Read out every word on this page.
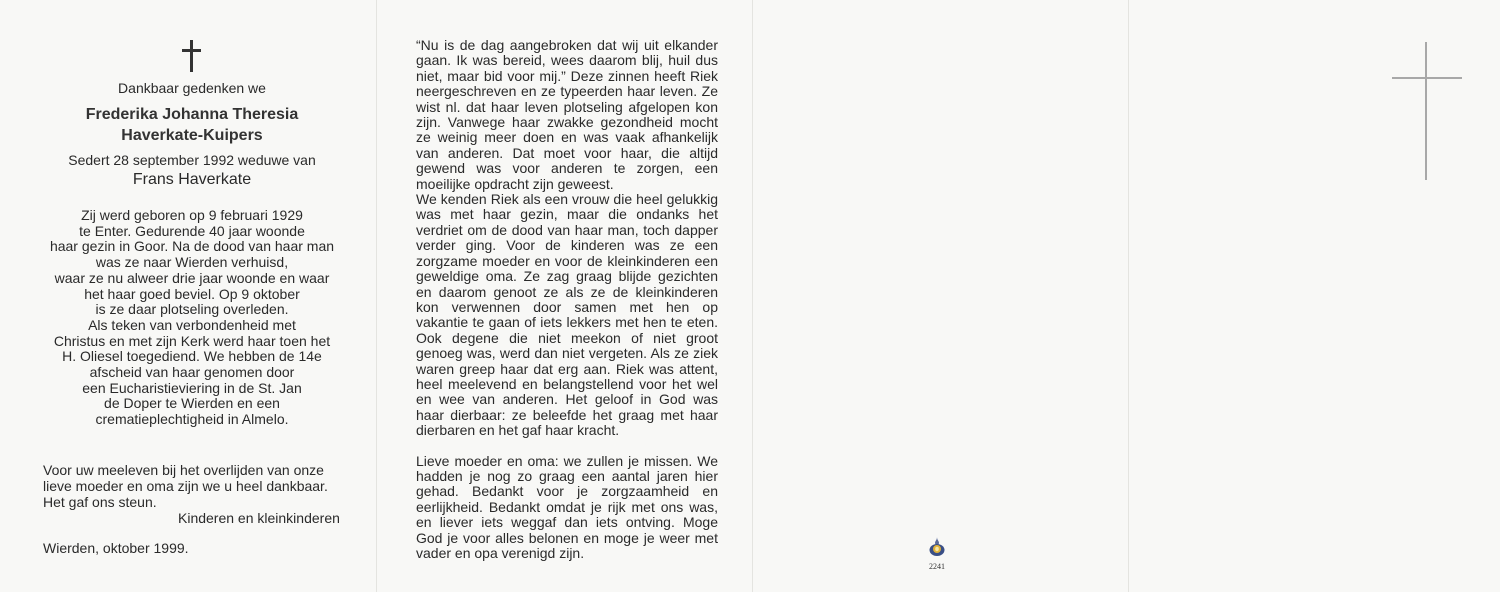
Dankbaar gedenken we
Frederika Johanna Theresia
Haverkate-Kuipers
Sedert 28 september 1992 weduwe van
Frans Haverkate
Zij werd geboren op 9 februari 1929
te Enter. Gedurende 40 jaar woonde
haar gezin in Goor. Na de dood van haar man
was ze naar Wierden verhuisd,
waar ze nu alweer drie jaar woonde en waar
het haar goed beviel. Op 9 oktober
is ze daar plotseling overleden.
Als teken van verbondenheid met
Christus en met zijn Kerk werd haar toen het
H. Oliesel toegediend. We hebben de 14e
afscheid van haar genomen door
een Eucharistieviering in de St. Jan
de Doper te Wierden en een
crematieplechtigheid in Almelo.
Voor uw meeleven bij het overlijden van onze
lieve moeder en oma zijn we u heel dankbaar.
Het gaf ons steun.
Kinderen en kleinkinderen
Wierden, oktober 1999.

“Nu is de dag aangebroken dat wij uit elkander gaan. Ik was bereid, wees daarom blij, huil dus niet, maar bid voor mij.” Deze zinnen heeft Riek neergeschreven en ze typeerden haar leven. Ze wist nl. dat haar leven plotseling afgelopen kon zijn. Vanwege haar zwakke gezondheid mocht ze weinig meer doen en was vaak afhankelijk van anderen. Dat moet voor haar, die altijd gewend was voor anderen te zorgen, een moeilijke opdracht zijn geweest.

We kenden Riek als een vrouw die heel gelukkig was met haar gezin, maar die ondanks het verdriet om de dood van haar man, toch dapper verder ging. Voor de kinderen was ze een zorgzame moeder en voor de kleinkinderen een geweldige oma. Ze zag graag blijde gezichten en daarom genoot ze als ze de kleinkinderen kon verwennen door samen met hen op vakantie te gaan of iets lekkers met hen te eten. Ook degene die niet meekon of niet groot genoeg was, werd dan niet vergeten. Als ze ziek waren greep haar dat erg aan. Riek was attent, heel meelevend en belangstellend voor het wel en wee van anderen. Het geloof in God was haar dierbaar: ze beleefde het graag met haar dierbaren en het gaf haar kracht.

Lieve moeder en oma: we zullen je missen. We hadden je nog zo graag een aantal jaren hier gehad. Bedankt voor je zorgzaamheid en eerlijkheid. Bedankt omdat je rijk met ons was, en liever iets weggaf dan iets ontving. Moge God je voor alles belonen en moge je weer met vader en opa verenigd zijn.

2241
